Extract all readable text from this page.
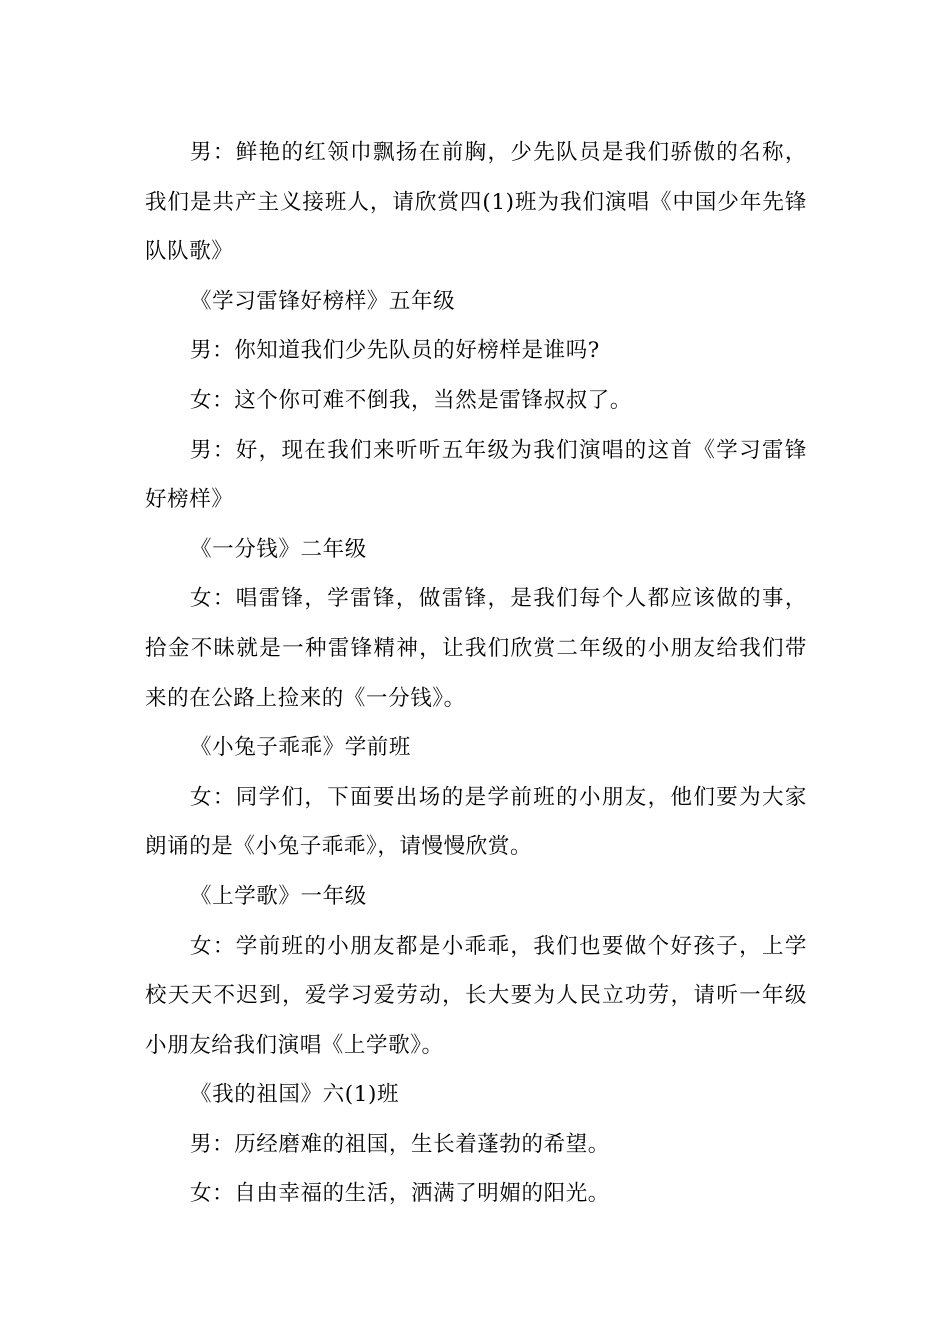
男：鲜艳的红领巾飘扬在前胸，少先队员是我们骄傲的名称，我们是共产主义接班人，请欣赏四(1)班为我们演唱《中国少年先锋队队歌》

《学习雷锋好榜样》五年级

男：你知道我们少先队员的好榜样是谁吗?

女：这个你可难不倒我，当然是雷锋叔叔了。

男：好，现在我们来听听五年级为我们演唱的这首《学习雷锋好榜样》

《一分钱》二年级

女：唱雷锋，学雷锋，做雷锋，是我们每个人都应该做的事，拾金不昧就是一种雷锋精神，让我们欣赏二年级的小朋友给我们带来的在公路上捡来的《一分钱》。

《小兔子乖乖》学前班

女：同学们，下面要出场的是学前班的小朋友，他们要为大家朗诵的是《小兔子乖乖》，请慢慢欣赏。

《上学歌》一年级

女：学前班的小朋友都是小乖乖，我们也要做个好孩子，上学校天天不迟到，爱学习爱劳动，长大要为人民立功劳，请听一年级小朋友给我们演唱《上学歌》。

《我的祖国》六(1)班

男：历经磨难的祖国，生长着蓬勃的希望。

女：自由幸福的生活，洒满了明媚的阳光。
